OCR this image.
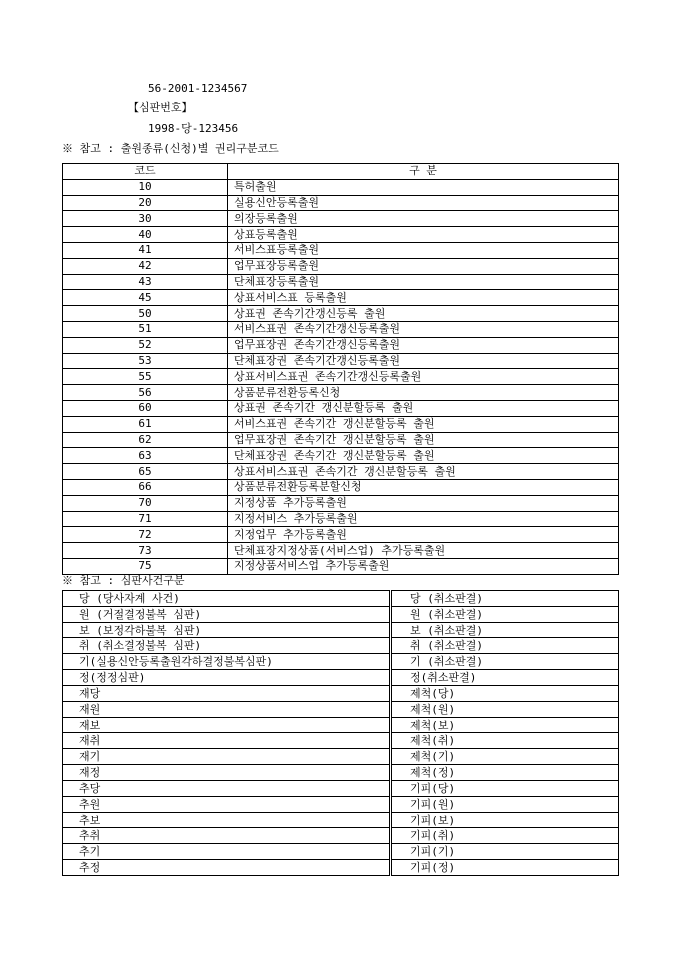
56-2001-1234567
【심판번호】
1998-당-123456
※ 참고 : 출원종류(신청)별 권리구분코드
코드	구 분
10	특허출원
20	실용신안등록출원
30	의장등록출원
40	상표등록출원
41	서비스표등록출원
42	업무표장등록출원
43	단체표장등록출원
45	상표서비스표 등록출원
50	상표권 존속기간갱신등록 출원
51	서비스표권 존속기간갱신등록출원
52	업무표장권 존속기간갱신등록출원
53	단체표장권 존속기간갱신등록출원
55	상표서비스표권 존속기간갱신등록출원
56	상품분류전환등록신청
60	상표권 존속기간 갱신분할등록 출원
61	서비스표권 존속기간 갱신분할등록 출원
62	업무표장권 존속기간 갱신분할등록 출원
63	단체표장권 존속기간 갱신분할등록 출원
65	상표서비스표권 존속기간 갱신분할등록 출원
66	상품분류전환등록분할신청
70	지정상품 추가등록출원
71	지정서비스 추가등록출원
72	지정업무 추가등록출원
73	단체표장지정상품(서비스업) 추가등록출원
75	지정상품서비스업 추가등록출원
※ 참고 : 심판사건구분
당 (당사자계 사건)	당 (취소판결)
원 (거절결정불복 심판)	원 (취소판결)
보 (보정각하불복 심판)	보 (취소판결)
취 (취소결정불복 심판)	취 (취소판결)
기(실용신안등록출원각하결정불복심판)	기 (취소판결)
정(정정심판)	정(취소판결)
재당	제척(당)
재원	제척(원)
재보	제척(보)
재취	제척(취)
재기	제척(기)
재정	제척(정)
추당	기피(당)
추원	기피(원)
추보	기피(보)
추취	기피(취)
추기	기피(기)
추정	기피(정)
